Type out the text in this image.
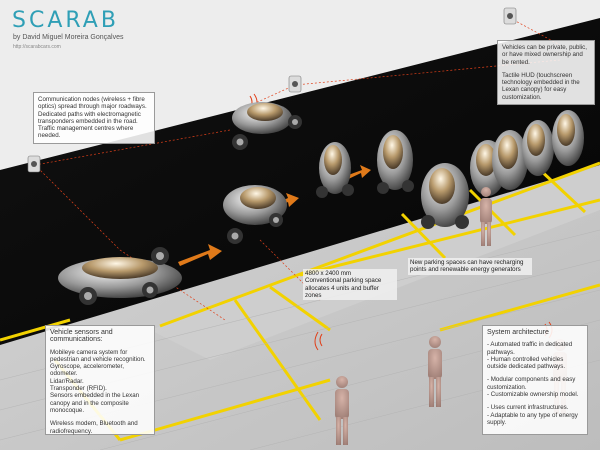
SCARAB
by David Miguel Moreira Gonçalves
http://scarabcars.com

Communication nodes (wireless + fibre optics) spread through major roadways.

Dedicated paths with electromagnetic transponders embedded in the road.

Traffic management centres where needed.

Vehicles can be private, public, or have mixed ownership and be rented.

Tactile HUD (touchscreen technology embedded in the Lexan canopy) for easy customization.

4800 x 2400 mm

Conventional parking space allocates 4 units and buffer zones

New parking spaces can have recharging points and renewable energy generators
Vehicle sensors and communications:

Mobileye camera system for pedestrian and vehicle recognition.

Gyroscope, accelerometer, odometer.

Lidar/Radar.

Transponder (RFID).

Sensors embedded in the Lexan canopy and in the composite monocoque.

Wireless modem, Bluetooth and radiofrequency.

System architecture

- Automated traffic in dedicated pathways.

- Human controlled vehicles outside dedicated pathways.

- Modular components and easy customization.

- Customizable ownership model.

- Uses current infrastructures.

- Adaptable to any type of energy supply.
